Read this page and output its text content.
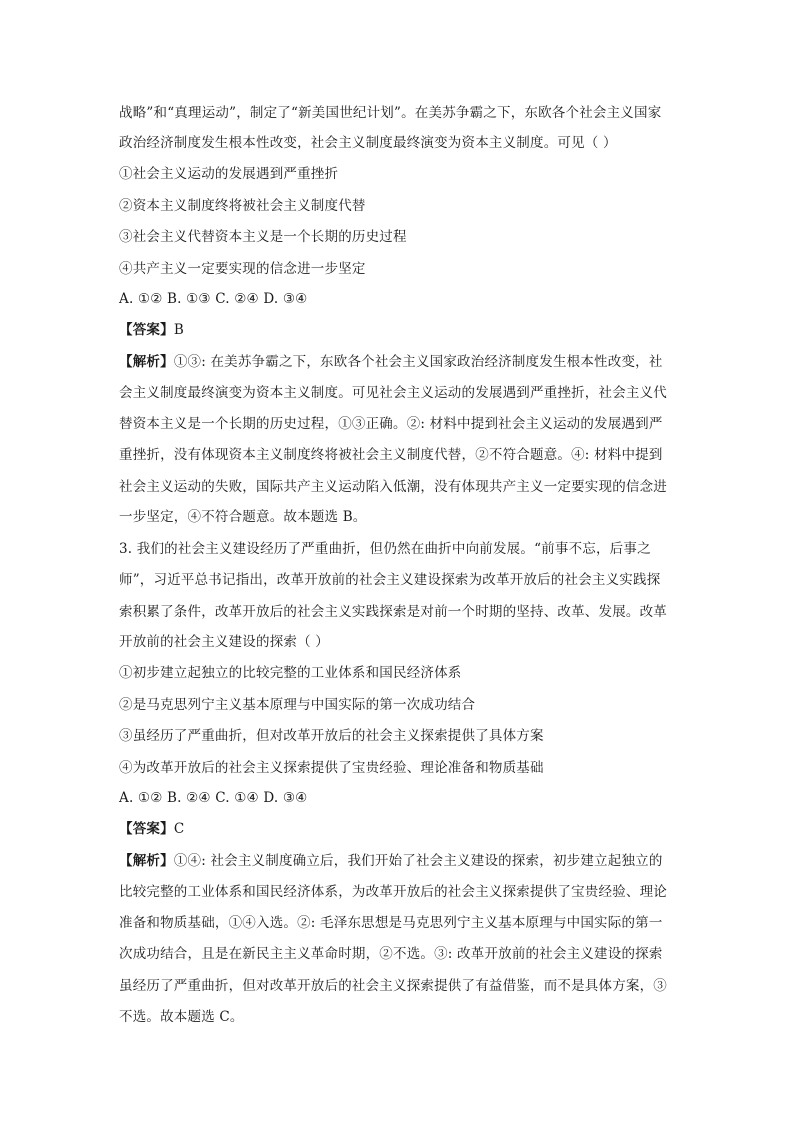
战略”和“真理运动”，制定了“新美国世纪计划”。在美苏争霸之下，东欧各个社会主义国家
政治经济制度发生根本性改变，社会主义制度最终演变为资本主义制度。可见（ ）
①社会主义运动的发展遇到严重挫折
②资本主义制度终将被社会主义制度代替
③社会主义代替资本主义是一个长期的历史过程
④共产主义一定要实现的信念进一步坚定
A. ①② B. ①③ C. ②④ D. ③④
【答案】B
【解析】①③: 在美苏争霸之下，东欧各个社会主义国家政治经济制度发生根本性改变，社
会主义制度最终演变为资本主义制度。可见社会主义运动的发展遇到严重挫折，社会主义代
替资本主义是一个长期的历史过程，①③正确。②: 材料中提到社会主义运动的发展遇到严
重挫折，没有体现资本主义制度终将被社会主义制度代替，②不符合题意。④: 材料中提到
社会主义运动的失败，国际共产主义运动陷入低潮，没有体现共产主义一定要实现的信念进
一步坚定，④不符合题意。故本题选 B。
3. 我们的社会主义建设经历了严重曲折，但仍然在曲折中向前发展。“前事不忘，后事之
师”，习近平总书记指出，改革开放前的社会主义建设探索为改革开放后的社会主义实践探
索积累了条件，改革开放后的社会主义实践探索是对前一个时期的坚持、改革、发展。改革
开放前的社会主义建设的探索（ ）
①初步建立起独立的比较完整的工业体系和国民经济体系
②是马克思列宁主义基本原理与中国实际的第一次成功结合
③虽经历了严重曲折，但对改革开放后的社会主义探索提供了具体方案
④为改革开放后的社会主义探索提供了宝贵经验、理论准备和物质基础
A. ①② B. ②④ C. ①④ D. ③④
【答案】C
【解析】①④: 社会主义制度确立后，我们开始了社会主义建设的探索，初步建立起独立的
比较完整的工业体系和国民经济体系，为改革开放后的社会主义探索提供了宝贵经验、理论
准备和物质基础，①④入选。②: 毛泽东思想是马克思列宁主义基本原理与中国实际的第一
次成功结合，且是在新民主主义革命时期，②不选。③: 改革开放前的社会主义建设的探索
虽经历了严重曲折，但对改革开放后的社会主义探索提供了有益借鉴，而不是具体方案，③
不选。故本题选 C。
